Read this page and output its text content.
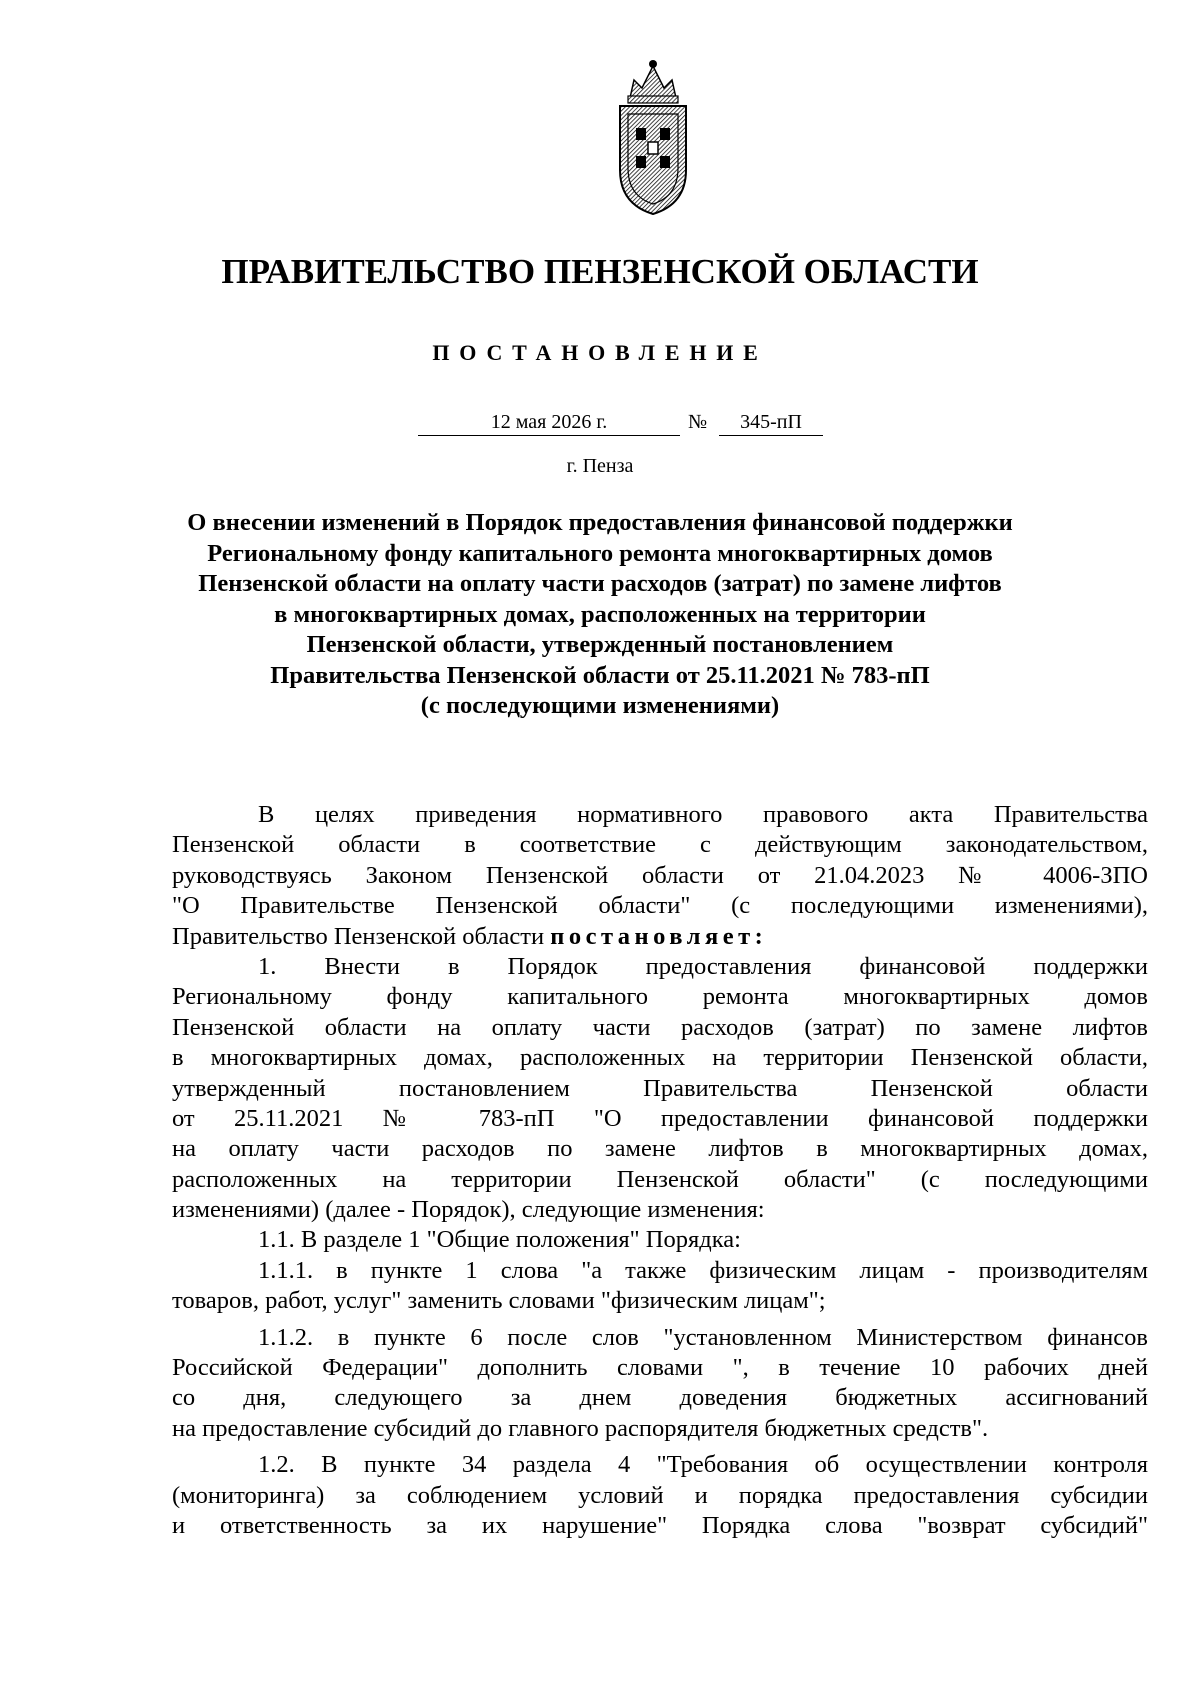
ПРАВИТЕЛЬСТВО ПЕНЗЕНСКОЙ ОБЛАСТИ
ПОСТАНОВЛЕНИЕ
12 мая 2026 г.	№	345-пП
г. Пенза
О внесении изменений в Порядок предоставления финансовой поддержки
Региональному фонду капитального ремонта многоквартирных домов
Пензенской области на оплату части расходов (затрат) по замене лифтов
в многоквартирных домах, расположенных на территории
Пензенской области, утвержденный постановлением
Правительства Пензенской области от 25.11.2021 № 783-пП
(с последующими изменениями)
В целях приведения нормативного правового акта Правительства
Пензенской области в соответствие с действующим законодательством,
руководствуясь Законом Пензенской области от 21.04.2023 № 4006-ЗПО
"О Правительстве Пензенской области" (с последующими изменениями),
Правительство Пензенской области постановляет:
1. Внести в Порядок предоставления финансовой поддержки
Региональному фонду капитального ремонта многоквартирных домов
Пензенской области на оплату части расходов (затрат) по замене лифтов
в многоквартирных домах, расположенных на территории Пензенской области,
утвержденный постановлением Правительства Пензенской области
от 25.11.2021 № 783-пП "О предоставлении финансовой поддержки
на оплату части расходов по замене лифтов в многоквартирных домах,
расположенных на территории Пензенской области" (с последующими
изменениями) (далее - Порядок), следующие изменения:
1.1. В разделе 1 "Общие положения" Порядка:
1.1.1. в пункте 1 слова "а также физическим лицам - производителям
товаров, работ, услуг" заменить словами "физическим лицам";
1.1.2. в пункте 6 после слов "установленном Министерством финансов
Российской Федерации" дополнить словами ", в течение 10 рабочих дней
со дня, следующего за днем доведения бюджетных ассигнований
на предоставление субсидий до главного распорядителя бюджетных средств".
1.2. В пункте 34 раздела 4 "Требования об осуществлении контроля
(мониторинга) за соблюдением условий и порядка предоставления субсидии
и ответственность за их нарушение" Порядка слова "возврат субсидий"
